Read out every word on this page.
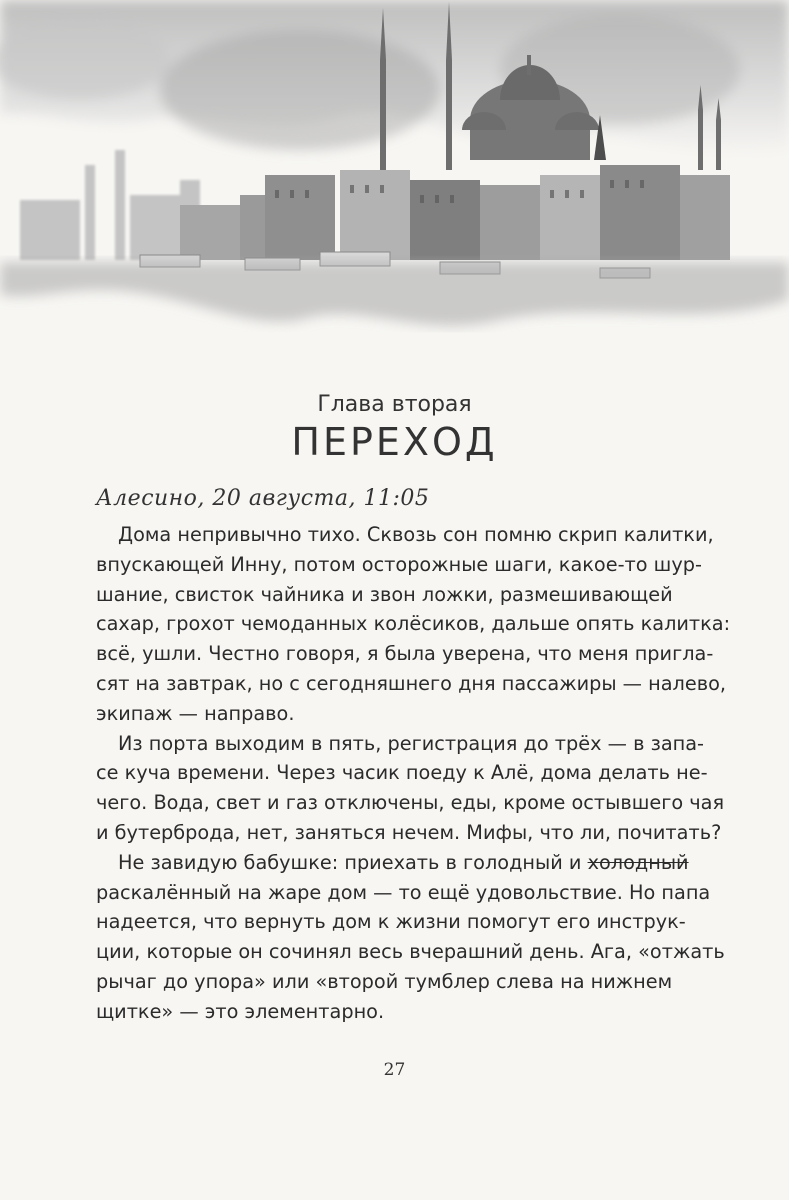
Глава вторая
ПЕРЕХОД
Алесино, 20 августа, 11:05
Дома непривычно тихо. Сквозь сон помню скрип калитки,
впускающей Инну, потом осторожные шаги, какое-то шур-
шание, свисток чайника и звон ложки, размешивающей
сахар, грохот чемоданных колёсиков, дальше опять калитка:
всё, ушли. Честно говоря, я была уверена, что меня пригла-
сят на завтрак, но с сегодняшнего дня пассажиры — налево,
экипаж — направо.
Из порта выходим в пять, регистрация до трёх — в запа-
се куча времени. Через часик поеду к Алё, дома делать не-
чего. Вода, свет и газ отключены, еды, кроме остывшего чая
и бутерброда, нет, заняться нечем. Мифы, что ли, почитать?
Не завидую бабушке: приехать в голодный и холодный
раскалённый на жаре дом — то ещё удовольствие. Но папа
надеется, что вернуть дом к жизни помогут его инструк-
ции, которые он сочинял весь вчерашний день. Ага, «отжать
рычаг до упора» или «второй тумблер слева на нижнем
щитке» — это элементарно.
27
